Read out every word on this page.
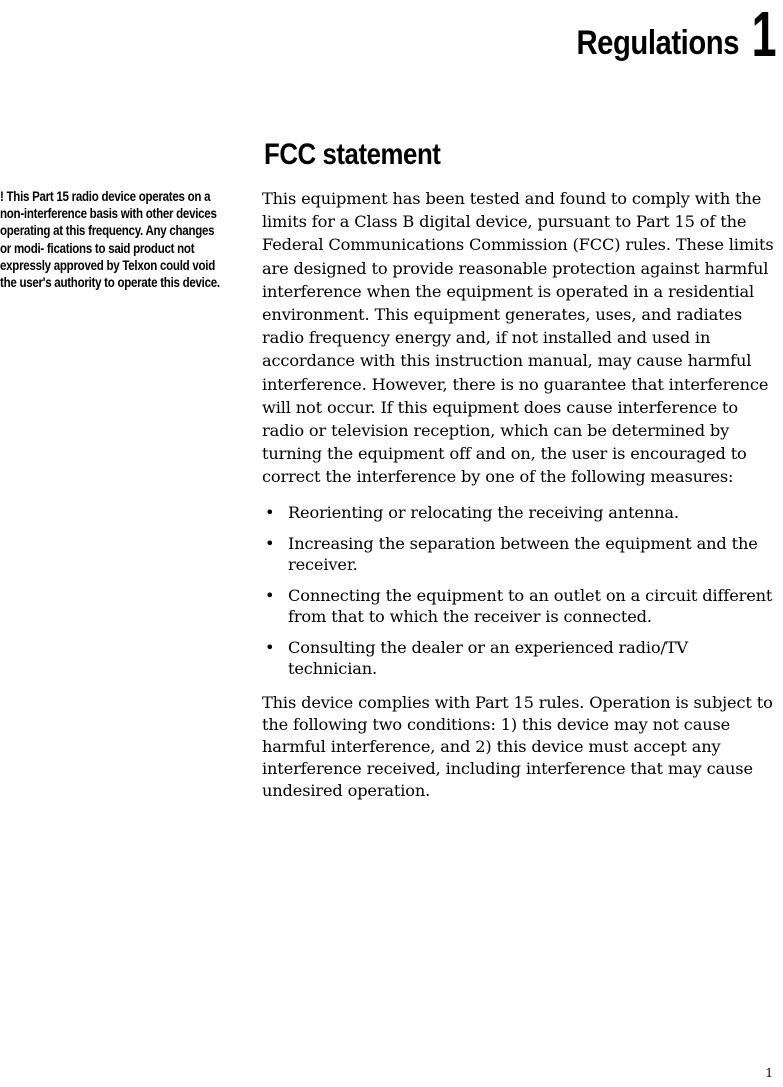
Regulations 1

! This Part 15 radio device operates on a non-interference basis with other devices operating at this frequency. Any changes or modi- fications to said product not expressly approved by Telxon could void the user's authority to operate this device.

FCC statement

This equipment has been tested and found to comply with the limits for a Class B digital device, pursuant to Part 15 of the Federal Communications Commission (FCC) rules. These limits are designed to provide reasonable protection against harmful interference when the equipment is operated in a residential environment. This equipment generates, uses, and radiates radio frequency energy and, if not installed and used in accordance with this instruction manual, may cause harmful interference. However, there is no guarantee that interference will not occur. If this equipment does cause interference to radio or television reception, which can be determined by turning the equipment off and on, the user is encouraged to correct the interference by one of the following measures:

• Reorienting or relocating the receiving antenna.
• Increasing the separation between the equipment and the receiver.
• Connecting the equipment to an outlet on a circuit different from that to which the receiver is connected.
• Consulting the dealer or an experienced radio/TV technician.

This device complies with Part 15 rules. Operation is subject to the following two conditions: 1) this device may not cause harmful interference, and 2) this device must accept any interference received, including interference that may cause undesired operation.

1
